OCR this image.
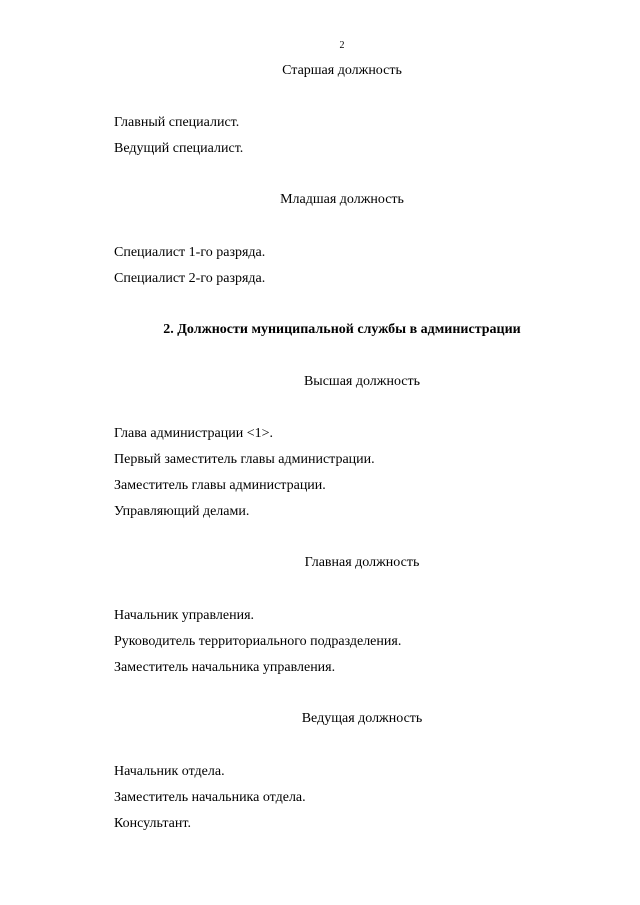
2
Старшая должность
Главный специалист.
Ведущий специалист.
Младшая должность
Специалист 1-го разряда.
Специалист 2-го разряда.
2. Должности муниципальной службы в администрации
Высшая должность
Глава администрации <1>.
Первый заместитель главы администрации.
Заместитель главы администрации.
Управляющий делами.
Главная должность
Начальник управления.
Руководитель территориального подразделения.
Заместитель начальника управления.
Ведущая должность
Начальник отдела.
Заместитель начальника отдела.
Консультант.
